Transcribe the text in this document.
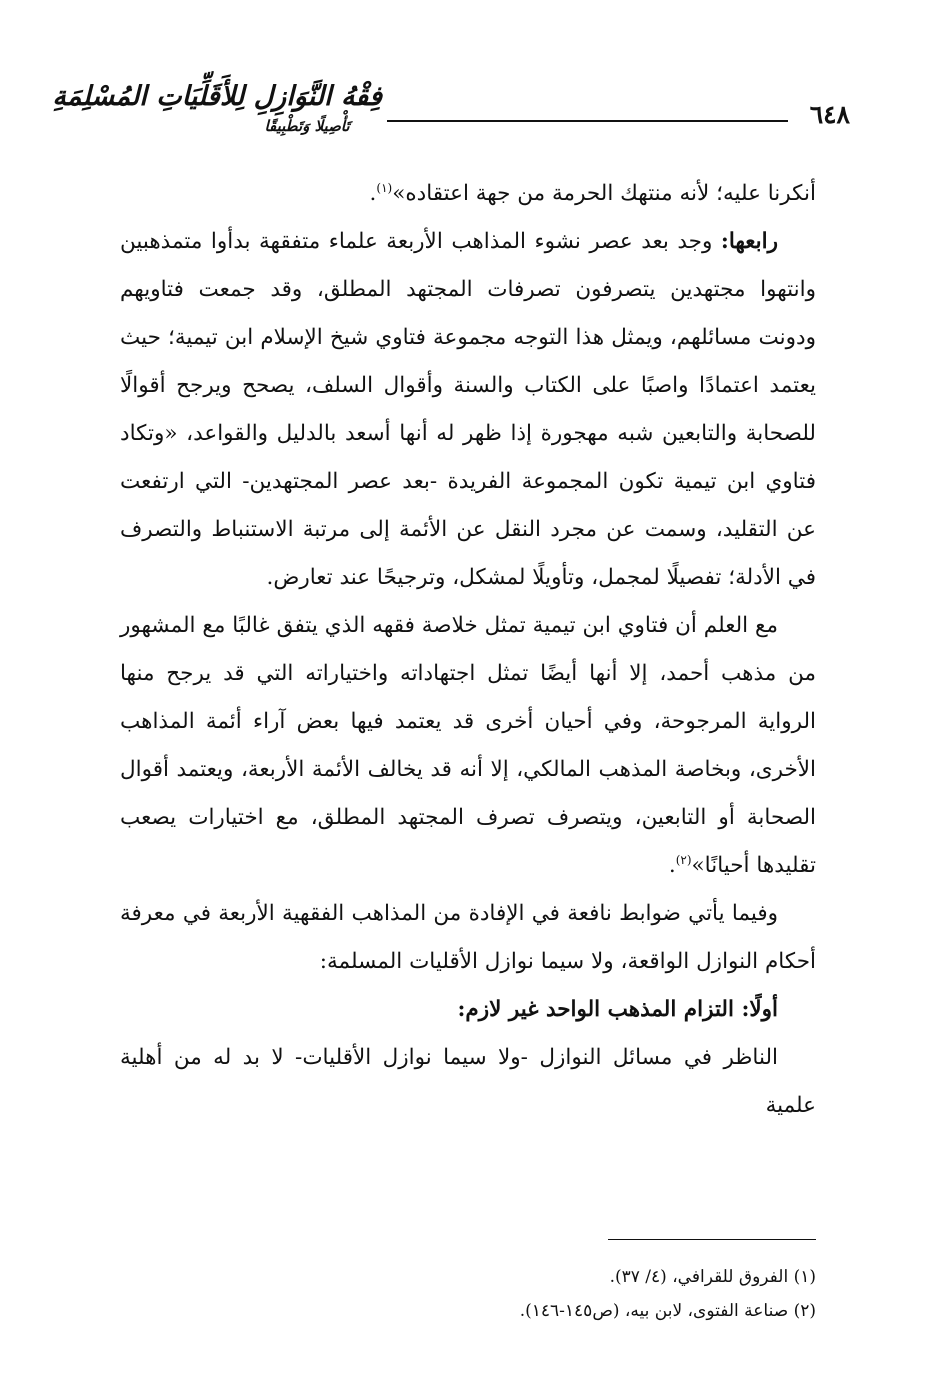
٦٤٨
فِقْهُ النَّوَازِلِ لِلأَقَلِّيَاتِ المُسْلِمَةِ
تَأْصِيلًا وَتَطْبِيقًا

أنكرنا عليه؛ لأنه منتهك الحرمة من جهة اعتقاده»$^{(١)}$.

رابعها: وجد بعد عصر نشوء المذاهب الأربعة علماء متفقهة بدأوا متمذهبين وانتهوا مجتهدين يتصرفون تصرفات المجتهد المطلق، وقد جمعت فتاويهم ودونت مسائلهم، ويمثل هذا التوجه مجموعة فتاوي شيخ الإسلام ابن تيمية؛ حيث يعتمد اعتمادًا واصبًا على الكتاب والسنة وأقوال السلف، يصحح ويرجح أقوالًا للصحابة والتابعين شبه مهجورة إذا ظهر له أنها أسعد بالدليل والقواعد، «وتكاد فتاوي ابن تيمية تكون المجموعة الفريدة -بعد عصر المجتهدين- التي ارتفعت عن التقليد، وسمت عن مجرد النقل عن الأئمة إلى مرتبة الاستنباط والتصرف في الأدلة؛ تفصيلًا لمجمل، وتأويلًا لمشكل، وترجيحًا عند تعارض.

مع العلم أن فتاوي ابن تيمية تمثل خلاصة فقهه الذي يتفق غالبًا مع المشهور من مذهب أحمد، إلا أنها أيضًا تمثل اجتهاداته واختياراته التي قد يرجح منها الرواية المرجوحة، وفي أحيان أخرى قد يعتمد فيها بعض آراء أئمة المذاهب الأخرى، وبخاصة المذهب المالكي، إلا أنه قد يخالف الأئمة الأربعة، ويعتمد أقوال الصحابة أو التابعين، ويتصرف تصرف المجتهد المطلق، مع اختيارات يصعب تقليدها أحيانًا»$^{(٢)}$.

وفيما يأتي ضوابط نافعة في الإفادة من المذاهب الفقهية الأربعة في معرفة أحكام النوازل الواقعة، ولا سيما نوازل الأقليات المسلمة:

أولًا: التزام المذهب الواحد غير لازم:

الناظر في مسائل النوازل -ولا سيما نوازل الأقليات- لا بد له من أهلية علمية

(١) الفروق للقرافي، (٤/ ٣٧).

(٢) صناعة الفتوى، لابن بيه، (ص١٤٥-١٤٦).
